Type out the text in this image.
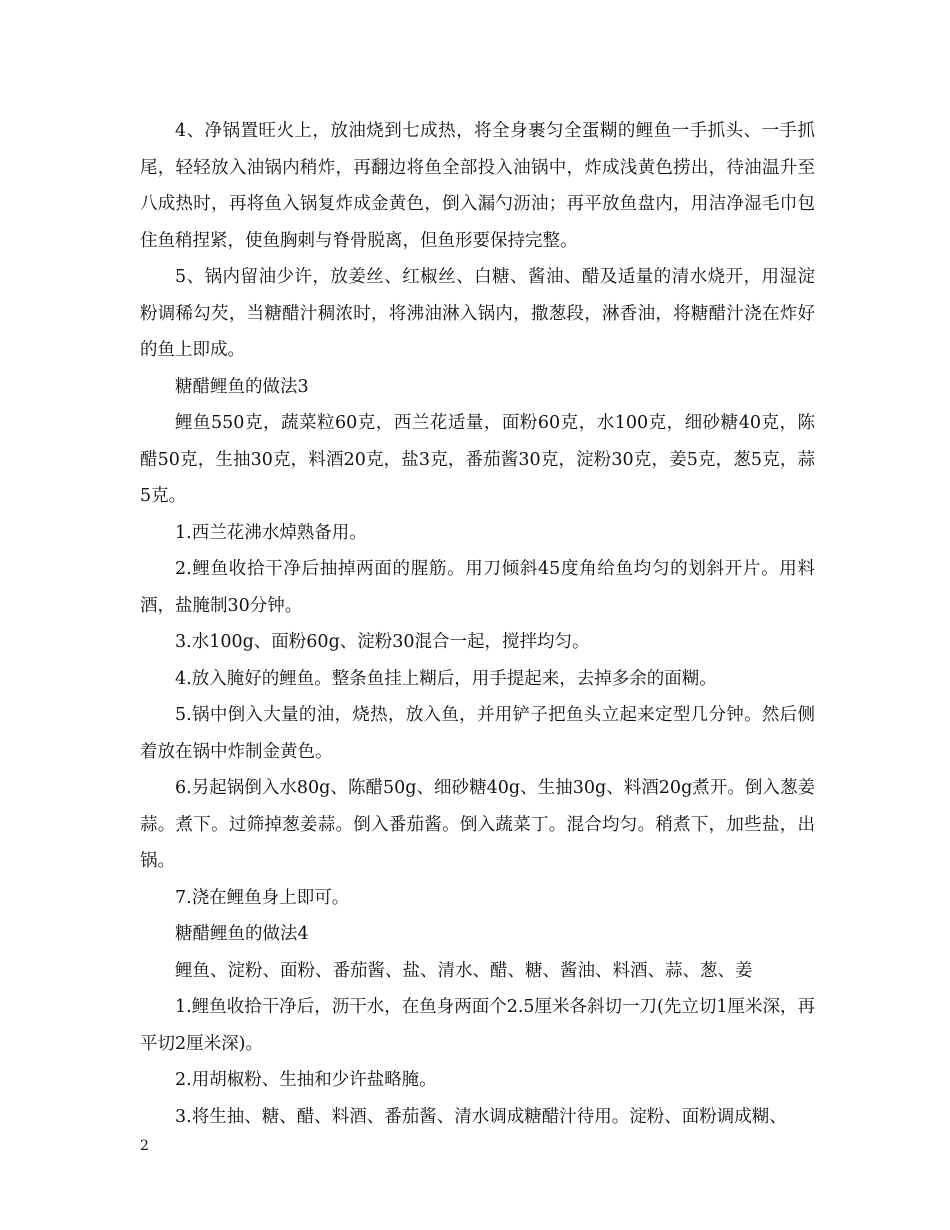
4、净锅置旺火上，放油烧到七成热，将全身裹匀全蛋糊的鲤鱼一手抓头、一手抓尾，轻轻放入油锅内稍炸，再翻边将鱼全部投入油锅中，炸成浅黄色捞出，待油温升至八成热时，再将鱼入锅复炸成金黄色，倒入漏勺沥油；再平放鱼盘内，用洁净湿毛巾包住鱼稍捏紧，使鱼胸刺与脊骨脱离，但鱼形要保持完整。

5、锅内留油少许，放姜丝、红椒丝、白糖、酱油、醋及适量的清水烧开，用湿淀粉调稀勾芡，当糖醋汁稠浓时，将沸油淋入锅内，撒葱段，淋香油，将糖醋汁浇在炸好的鱼上即成。

糖醋鲤鱼的做法3

鲤鱼550克，蔬菜粒60克，西兰花适量，面粉60克，水100克，细砂糖40克，陈醋50克，生抽30克，料酒20克，盐3克，番茄酱30克，淀粉30克，姜5克，葱5克，蒜5克。

1.西兰花沸水焯熟备用。

2.鲤鱼收拾干净后抽掉两面的腥筋。用刀倾斜45度角给鱼均匀的划斜开片。用料酒，盐腌制30分钟。

3.水100g、面粉60g、淀粉30混合一起，搅拌均匀。

4.放入腌好的鲤鱼。整条鱼挂上糊后，用手提起来，去掉多余的面糊。

5.锅中倒入大量的油，烧热，放入鱼，并用铲子把鱼头立起来定型几分钟。然后侧着放在锅中炸制金黄色。

6.另起锅倒入水80g、陈醋50g、细砂糖40g、生抽30g、料酒20g煮开。倒入葱姜蒜。煮下。过筛掉葱姜蒜。倒入番茄酱。倒入蔬菜丁。混合均匀。稍煮下，加些盐，出锅。

7.浇在鲤鱼身上即可。

糖醋鲤鱼的做法4

鲤鱼、淀粉、面粉、番茄酱、盐、清水、醋、糖、酱油、料酒、蒜、葱、姜

1.鲤鱼收拾干净后，沥干水，在鱼身两面个2.5厘米各斜切一刀(先立切1厘米深，再平切2厘米深)。

2.用胡椒粉、生抽和少许盐略腌。

3.将生抽、糖、醋、料酒、番茄酱、清水调成糖醋汁待用。淀粉、面粉调成糊、

2
